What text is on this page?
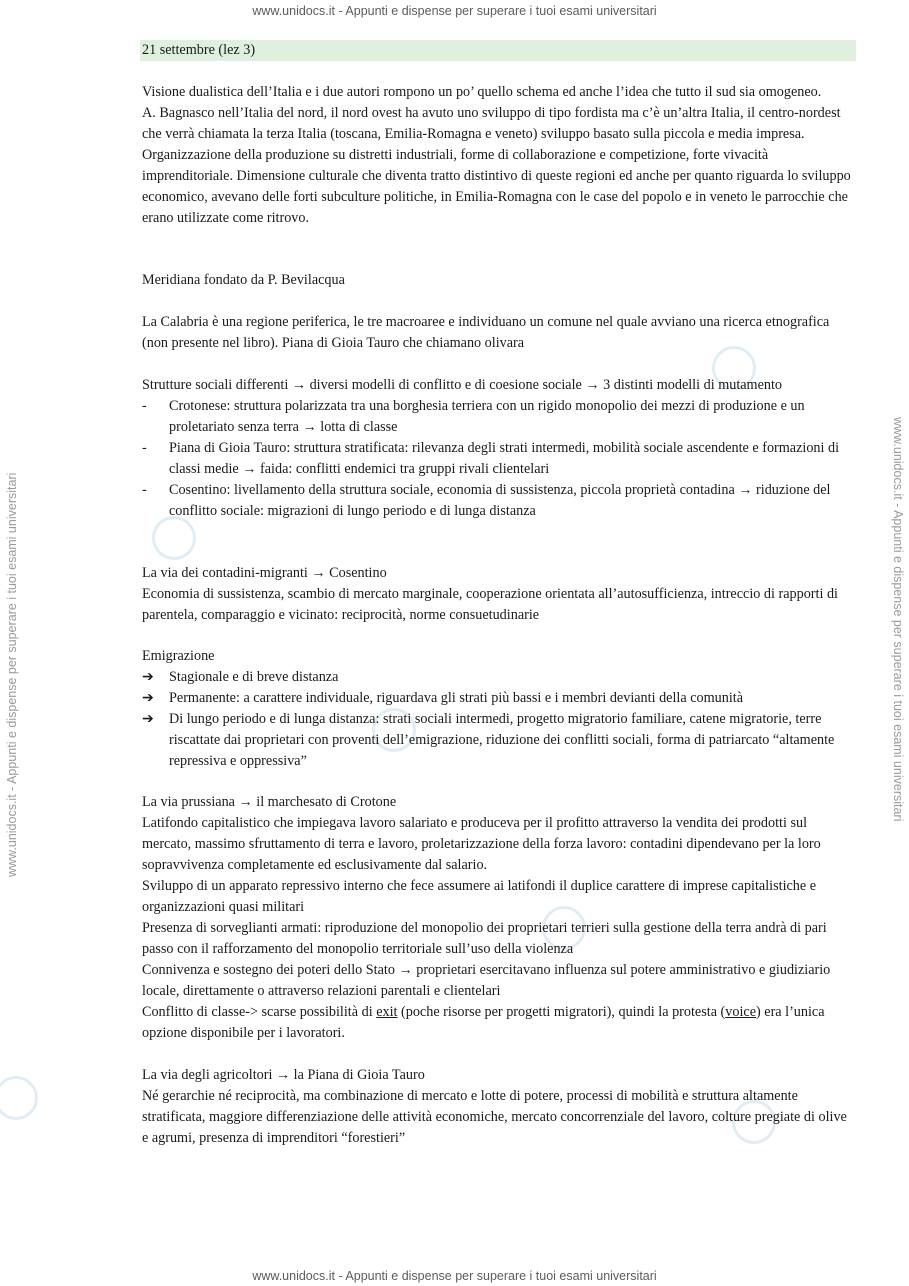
www.unidocs.it - Appunti e dispense per superare i tuoi esami universitari
www.unidocs.it - Appunti e dispense per superare i tuoi esami universitari
www.unidocs.it - Appunti e dispense per superare i tuoi esami universitari	www.unidocs.it - Appunti e dispense per superare i tuoi esami universitari
21 settembre (lez 3)

Visione dualistica dell’Italia e i due autori rompono un po’ quello schema ed anche l’idea che tutto il sud sia omogeneo.

A. Bagnasco nell’Italia del nord, il nord ovest ha avuto uno sviluppo di tipo fordista ma c’è un’altra Italia, il centro-nordest che verrà chiamata la terza Italia (toscana, Emilia-Romagna e veneto) sviluppo basato sulla piccola e media impresa. Organizzazione della produzione su distretti industriali, forme di collaborazione e competizione, forte vivacità imprenditoriale. Dimensione culturale che diventa tratto distintivo di queste regioni ed anche per quanto riguarda lo sviluppo economico, avevano delle forti subculture politiche, in Emilia-Romagna con le case del popolo e in veneto le parrocchie che erano utilizzate come ritrovo.

Meridiana fondato da P. Bevilacqua
La Calabria è una regione periferica, le tre macroaree e individuano un comune nel quale avviano una ricerca etnografica (non presente nel libro). Piana di Gioia Tauro che chiamano olivara

Strutture sociali differenti → diversi modelli di conflitto e di coesione sociale → 3 distinti modelli di mutamento

-	Crotonese: struttura polarizzata tra una borghesia terriera con un rigido monopolio dei mezzi di produzione e un proletariato senza terra → lotta di classe
-	Piana di Gioia Tauro: struttura stratificata: rilevanza degli strati intermedi, mobilità sociale ascendente e formazioni di classi medie → faida: conflitti endemici tra gruppi rivali clientelari
-	Cosentino: livellamento della struttura sociale, economia di sussistenza, piccola proprietà contadina → riduzione del conflitto sociale: migrazioni di lungo periodo e di lunga distanza

La via dei contadini-migranti → Cosentino

Economia di sussistenza, scambio di mercato marginale, cooperazione orientata all’autosufficienza, intreccio di rapporti di parentela, comparaggio e vicinato: reciprocità, norme consuetudinarie

Emigrazione

➔	Stagionale e di breve distanza
➔	Permanente: a carattere individuale, riguardava gli strati più bassi e i membri devianti della comunità
➔	Di lungo periodo e di lunga distanza: strati sociali intermedi, progetto migratorio familiare, catene migratorie, terre riscattate dai proprietari con proventi dell’emigrazione, riduzione dei conflitti sociali, forma di patriarcato “altamente repressiva e oppressiva”

La via prussiana → il marchesato di Crotone

Latifondo capitalistico che impiegava lavoro salariato e produceva per il profitto attraverso la vendita dei prodotti sul mercato, massimo sfruttamento di terra e lavoro, proletarizzazione della forza lavoro: contadini dipendevano per la loro sopravvivenza completamente ed esclusivamente dal salario.

Sviluppo di un apparato repressivo interno che fece assumere ai latifondi il duplice carattere di imprese capitalistiche e organizzazioni quasi militari

Presenza di sorveglianti armati: riproduzione del monopolio dei proprietari terrieri sulla gestione della terra andrà di pari passo con il rafforzamento del monopolio territoriale sull’uso della violenza

Connivenza e sostegno dei poteri dello Stato → proprietari esercitavano influenza sul potere amministrativo e giudiziario locale, direttamente o attraverso relazioni parentali e clientelari

Conflitto di classe-> scarse possibilità di exit (poche risorse per progetti migratori), quindi la protesta (voice) era l’unica opzione disponibile per i lavoratori.

La via degli agricoltori → la Piana di Gioia Tauro

Né gerarchie né reciprocità, ma combinazione di mercato e lotte di potere, processi di mobilità e struttura altamente stratificata, maggiore differenziazione delle attività economiche, mercato concorrenziale del lavoro, colture pregiate di olive e agrumi, presenza di imprenditori “forestieri”
